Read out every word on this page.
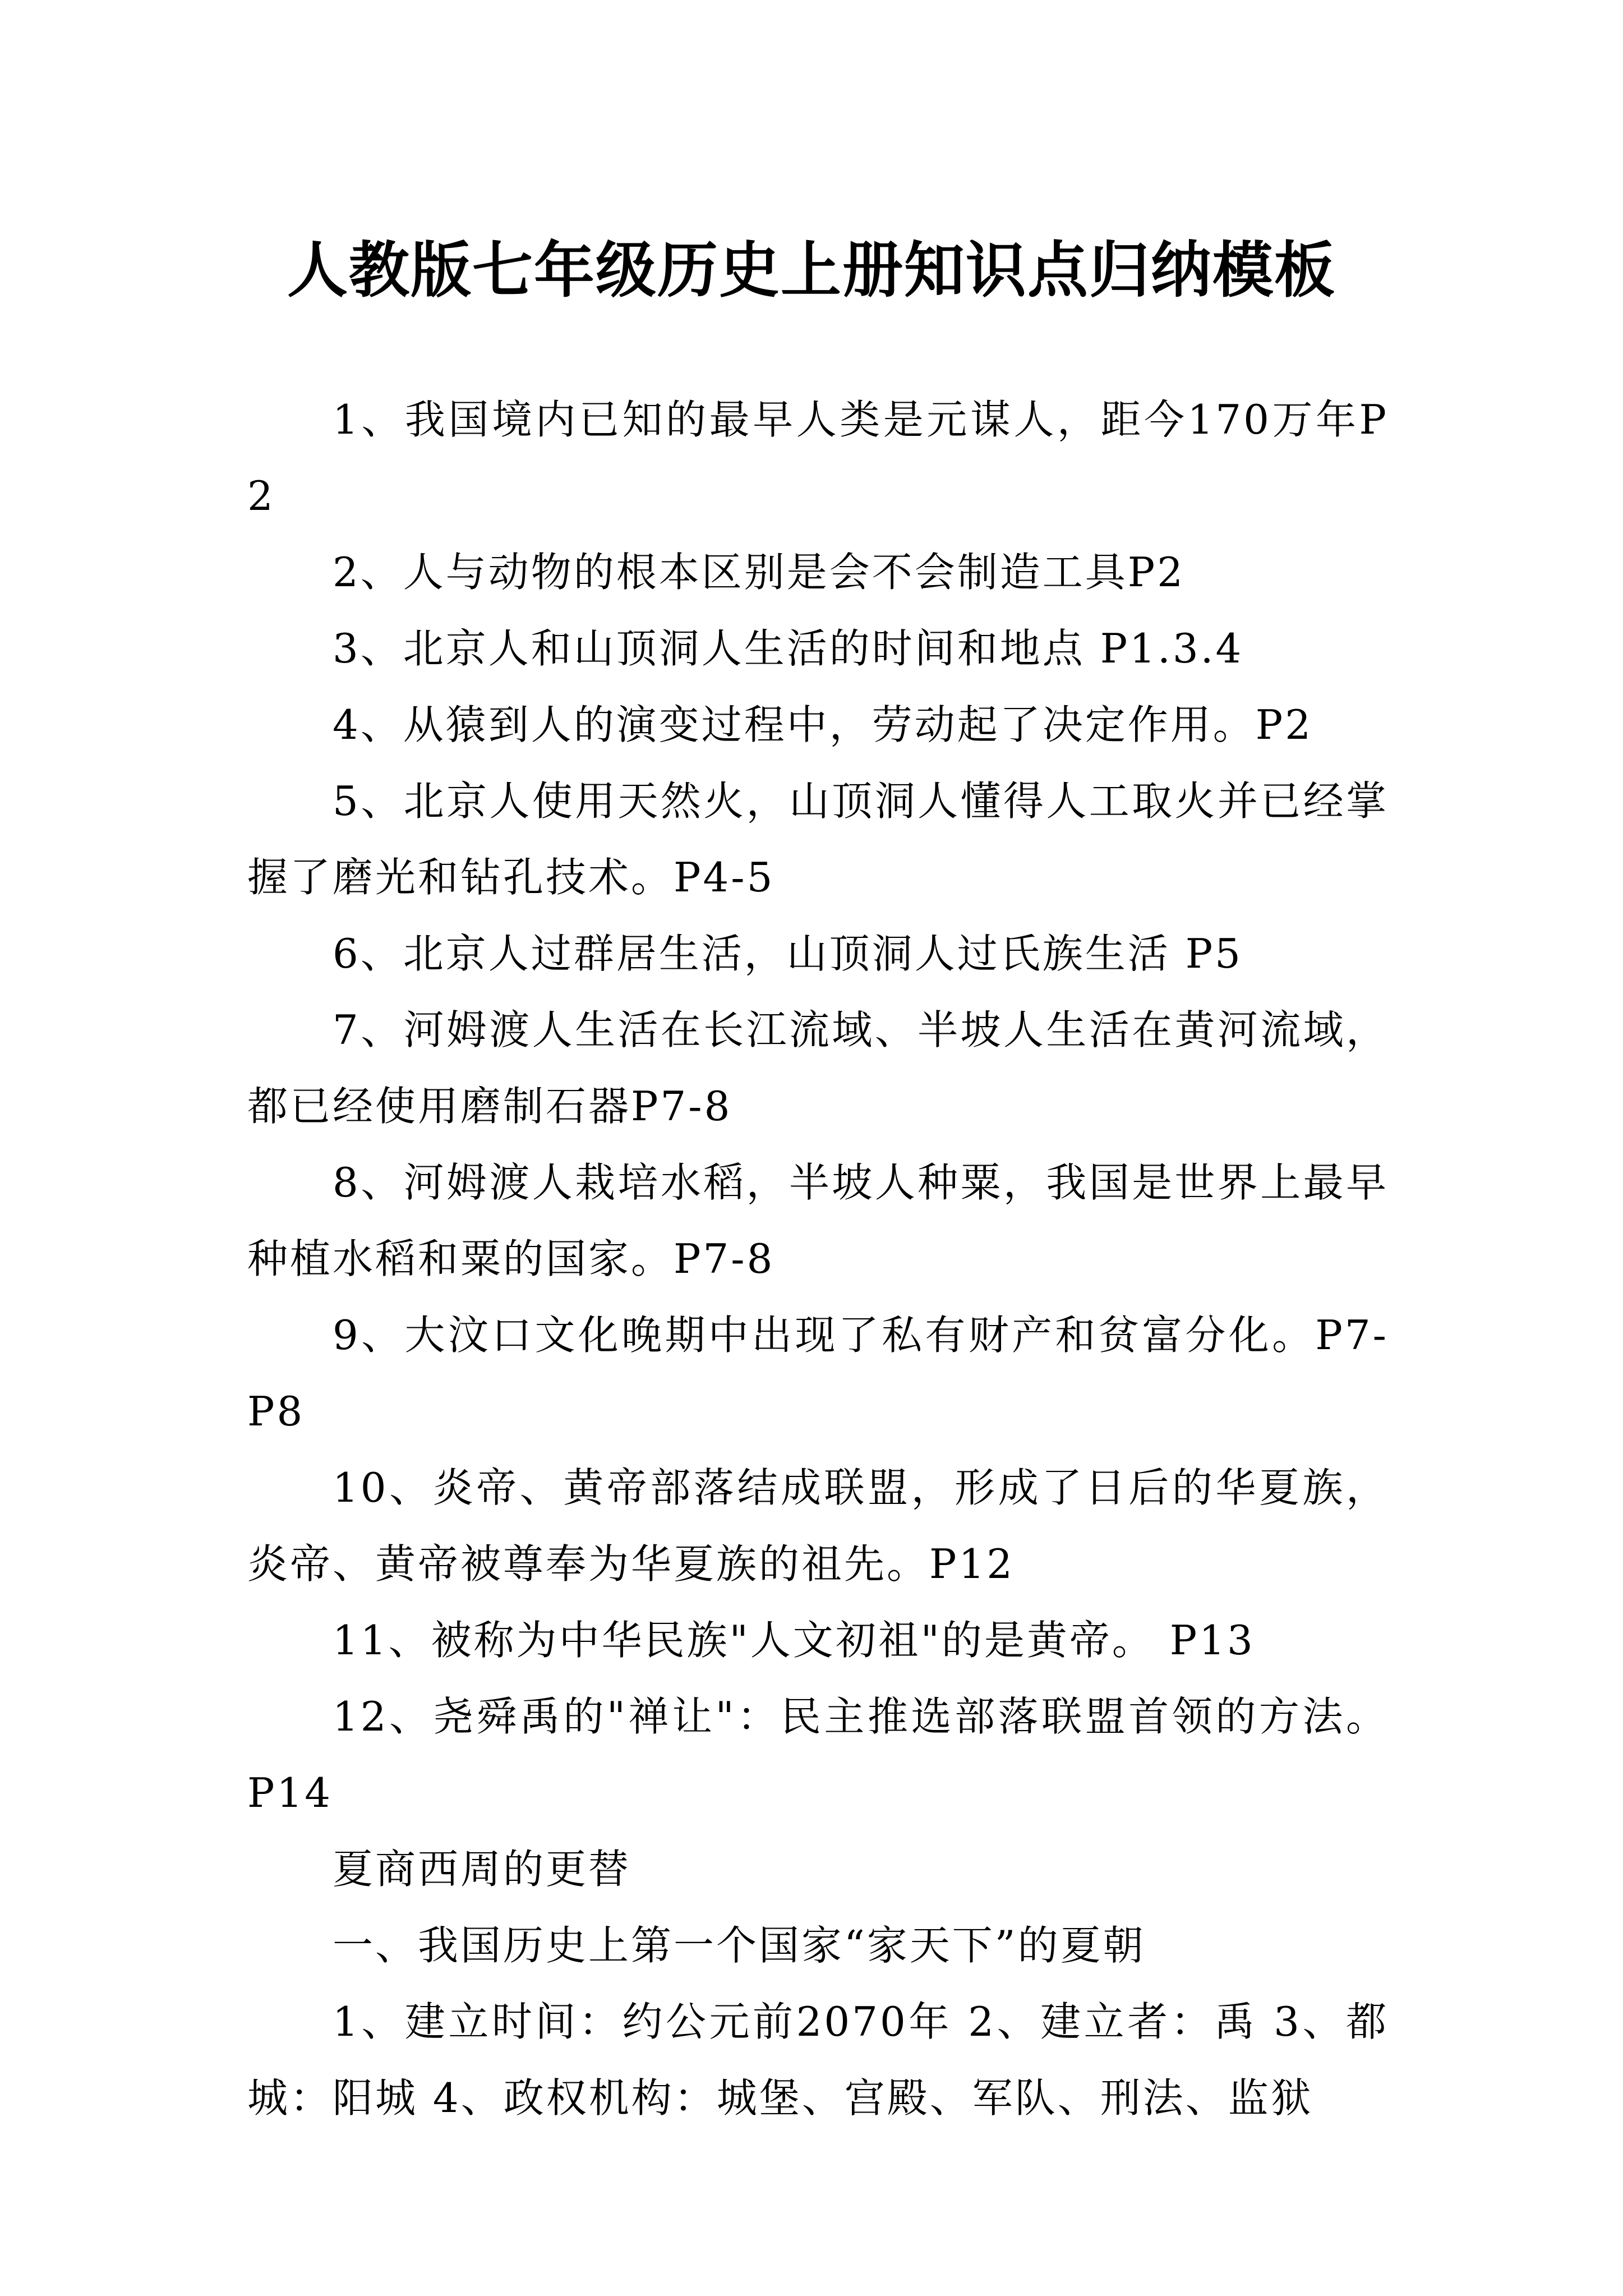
人教版七年级历史上册知识点归纳模板

1、我国境内已知的最早人类是元谋人，距今170万年P2

2、人与动物的根本区别是会不会制造工具P2

3、北京人和山顶洞人生活的时间和地点 P1.3.4

4、从猿到人的演变过程中，劳动起了决定作用。P2

5、北京人使用天然火，山顶洞人懂得人工取火并已经掌握了磨光和钻孔技术。P4-5

6、北京人过群居生活，山顶洞人过氏族生活 P5

7、河姆渡人生活在长江流域、半坡人生活在黄河流域，都已经使用磨制石器P7-8

8、河姆渡人栽培水稻，半坡人种粟，我国是世界上最早种植水稻和粟的国家。P7-8

9、大汶口文化晚期中出现了私有财产和贫富分化。P7-P8

10、炎帝、黄帝部落结成联盟，形成了日后的华夏族，炎帝、黄帝被尊奉为华夏族的祖先。P12

11、被称为中华民族"人文初祖"的是黄帝。 P13

12、尧舜禹的"禅让"：民主推选部落联盟首领的方法。P14

夏商西周的更替

一、我国历史上第一个国家“家天下”的夏朝

1、建立时间：约公元前2070年 2、建立者：禹 3、都城：阳城 4、政权机构：城堡、宫殿、军队、刑法、监狱
